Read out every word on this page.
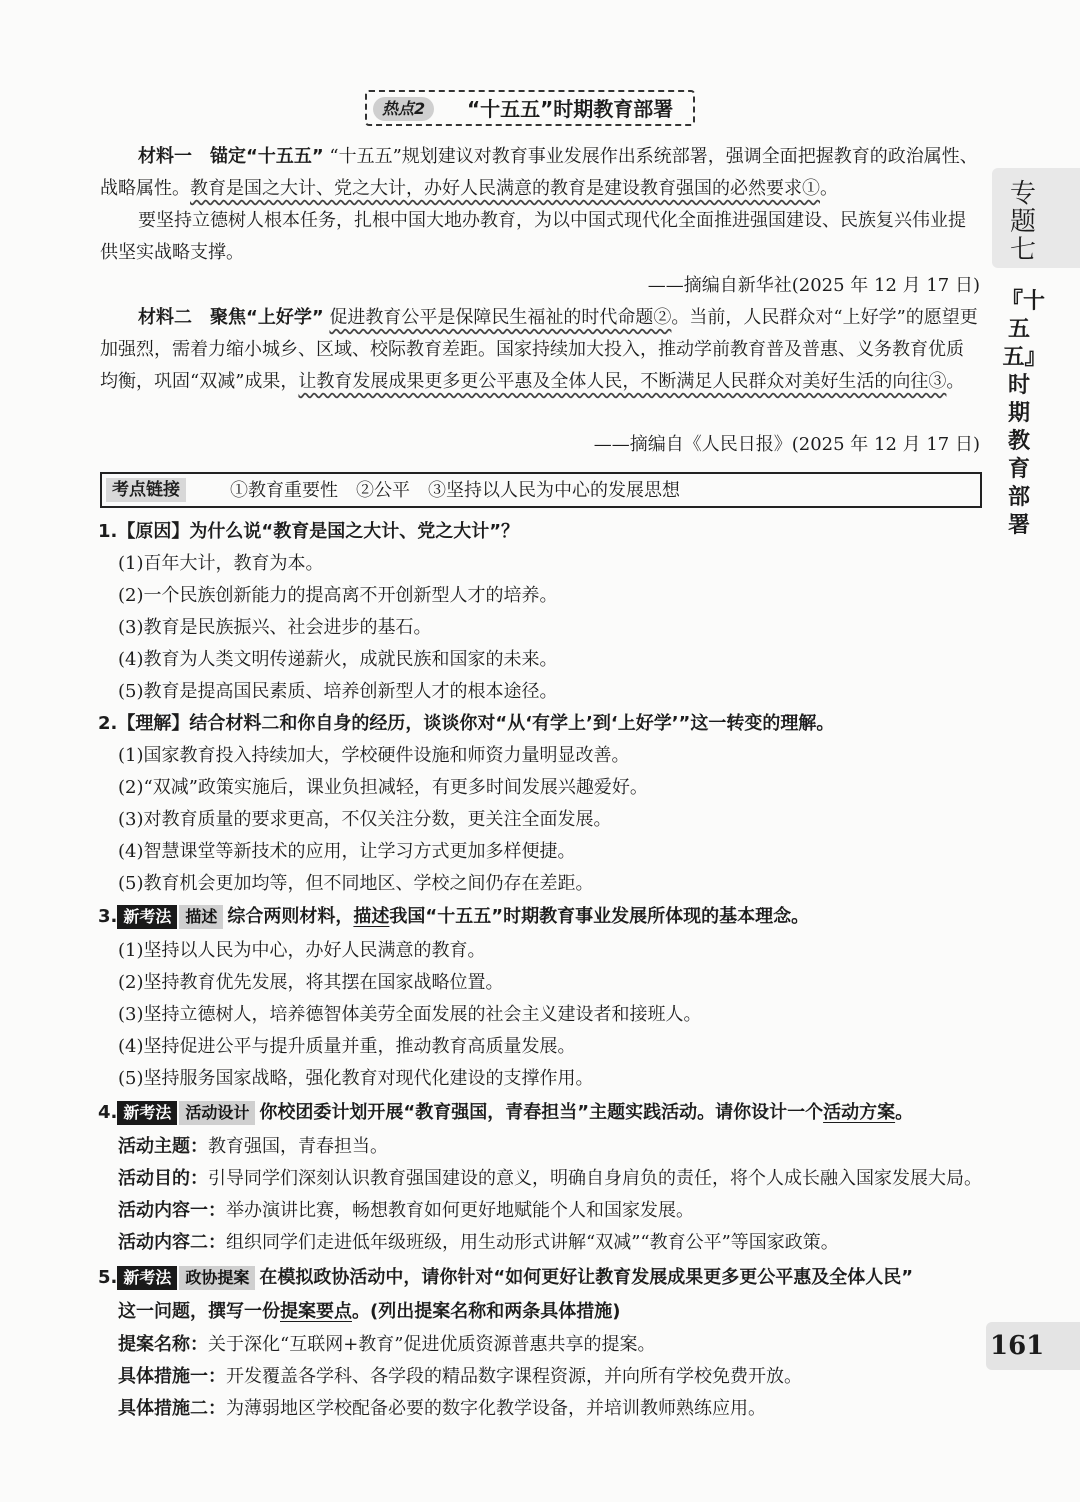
热点2	“十五五”时期教育部署
专题七
『十五五』时期教育部署
161
材料一　锚定“十五五” “十五五”规划建议对教育事业发展作出系统部署，强调全面把握教育的政治属性、战略属性。教育是国之大计、党之大计，办好人民满意的教育是建设教育强国的必然要求①。
要坚持立德树人根本任务，扎根中国大地办教育，为以中国式现代化全面推进强国建设、民族复兴伟业提供坚实战略支撑。
——摘编自新华社(2025 年 12 月 17 日)
材料二　聚焦“上好学” 促进教育公平是保障民生福祉的时代命题②。当前，人民群众对“上好学”的愿望更加强烈，需着力缩小城乡、区域、校际教育差距。国家持续加大投入，推动学前教育普及普惠、义务教育优质均衡，巩固“双减”成果，让教育发展成果更多更公平惠及全体人民，不断满足人民群众对美好生活的向往③。
——摘编自《人民日报》(2025 年 12 月 17 日)
考点链接	①教育重要性　②公平　③坚持以人民为中心的发展思想
1.【原因】为什么说“教育是国之大计、党之大计”？
(1)百年大计，教育为本。
(2)一个民族创新能力的提高离不开创新型人才的培养。
(3)教育是民族振兴、社会进步的基石。
(4)教育为人类文明传递薪火，成就民族和国家的未来。
(5)教育是提高国民素质、培养创新型人才的根本途径。
2.【理解】结合材料二和你自身的经历，谈谈你对“从‘有学上’到‘上好学’”这一转变的理解。
(1)国家教育投入持续加大，学校硬件设施和师资力量明显改善。
(2)“双减”政策实施后，课业负担减轻，有更多时间发展兴趣爱好。
(3)对教育质量的要求更高，不仅关注分数，更关注全面发展。
(4)智慧课堂等新技术的应用，让学习方式更加多样便捷。
(5)教育机会更加均等，但不同地区、学校之间仍存在差距。
3. 新考法 描述 综合两则材料，描述我国“十五五”时期教育事业发展所体现的基本理念。
(1)坚持以人民为中心，办好人民满意的教育。
(2)坚持教育优先发展，将其摆在国家战略位置。
(3)坚持立德树人，培养德智体美劳全面发展的社会主义建设者和接班人。
(4)坚持促进公平与提升质量并重，推动教育高质量发展。
(5)坚持服务国家战略，强化教育对现代化建设的支撑作用。
4. 新考法 活动设计 你校团委计划开展“教育强国，青春担当”主题实践活动。请你设计一个活动方案。
活动主题：教育强国，青春担当。
活动目的：引导同学们深刻认识教育强国建设的意义，明确自身肩负的责任，将个人成长融入国家发展大局。
活动内容一：举办演讲比赛，畅想教育如何更好地赋能个人和国家发展。
活动内容二：组织同学们走进低年级班级，用生动形式讲解“双减”“教育公平”等国家政策。
5. 新考法 政协提案 在模拟政协活动中，请你针对“如何更好让教育发展成果更多更公平惠及全体人民”
这一问题，撰写一份提案要点。(列出提案名称和两条具体措施)
提案名称：关于深化“互联网+教育”促进优质资源普惠共享的提案。
具体措施一：开发覆盖各学科、各学段的精品数字课程资源，并向所有学校免费开放。
具体措施二：为薄弱地区学校配备必要的数字化教学设备，并培训教师熟练应用。
